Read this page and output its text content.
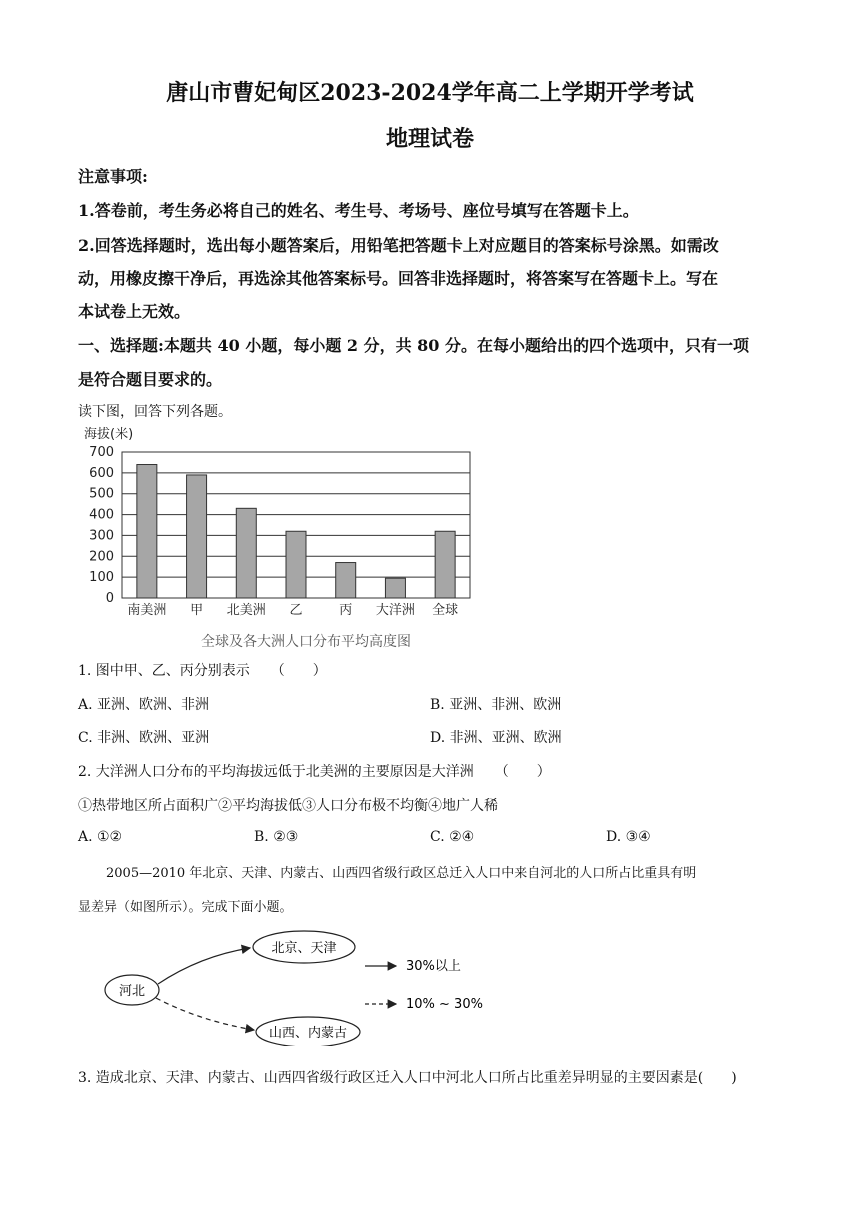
唐山市曹妃甸区2023-2024学年高二上学期开学考试
地理试卷
注意事项:
1.答卷前，考生务必将自己的姓名、考生号、考场号、座位号填写在答题卡上。
2.回答选择题时，选出每小题答案后，用铅笔把答题卡上对应题目的答案标号涂黑。如需改
动，用橡皮擦干净后，再选涂其他答案标号。回答非选择题时，将答案写在答题卡上。写在
本试卷上无效。
一、选择题:本题共 40 小题，每小题 2 分，共 80 分。在每小题给出的四个选项中，只有一项
是符合题目要求的。
读下图，回答下列各题。
海拔(米)
0
100
200
300
400
500
600
700
南美洲 甲 北美洲 乙	丙 大洋洲 全球
全球及各大洲人口分布平均高度图
1. 图中甲、乙、丙分别表示　　（　　）
A. 亚洲、欧洲、非洲	B. 亚洲、非洲、欧洲
C. 非洲、欧洲、亚洲	D. 非洲、亚洲、欧洲
2. 大洋洲人口分布的平均海拔远低于北美洲的主要原因是大洋洲　　（　　）
①热带地区所占面积广②平均海拔低③人口分布极不均衡④地广人稀
A. ①②	B. ②③	C. ②④	D. ③④
2005—2010 年北京、天津、内蒙古、山西四省级行政区总迁入人口中来自河北的人口所占比重具有明
显差异（如图所示）。完成下面小题。
河北
北京、天津
山西、内蒙古
30%以上
10% ~ 30%
3. 造成北京、天津、内蒙古、山西四省级行政区迁入人口中河北人口所占比重差异明显的主要因素是(　　)
